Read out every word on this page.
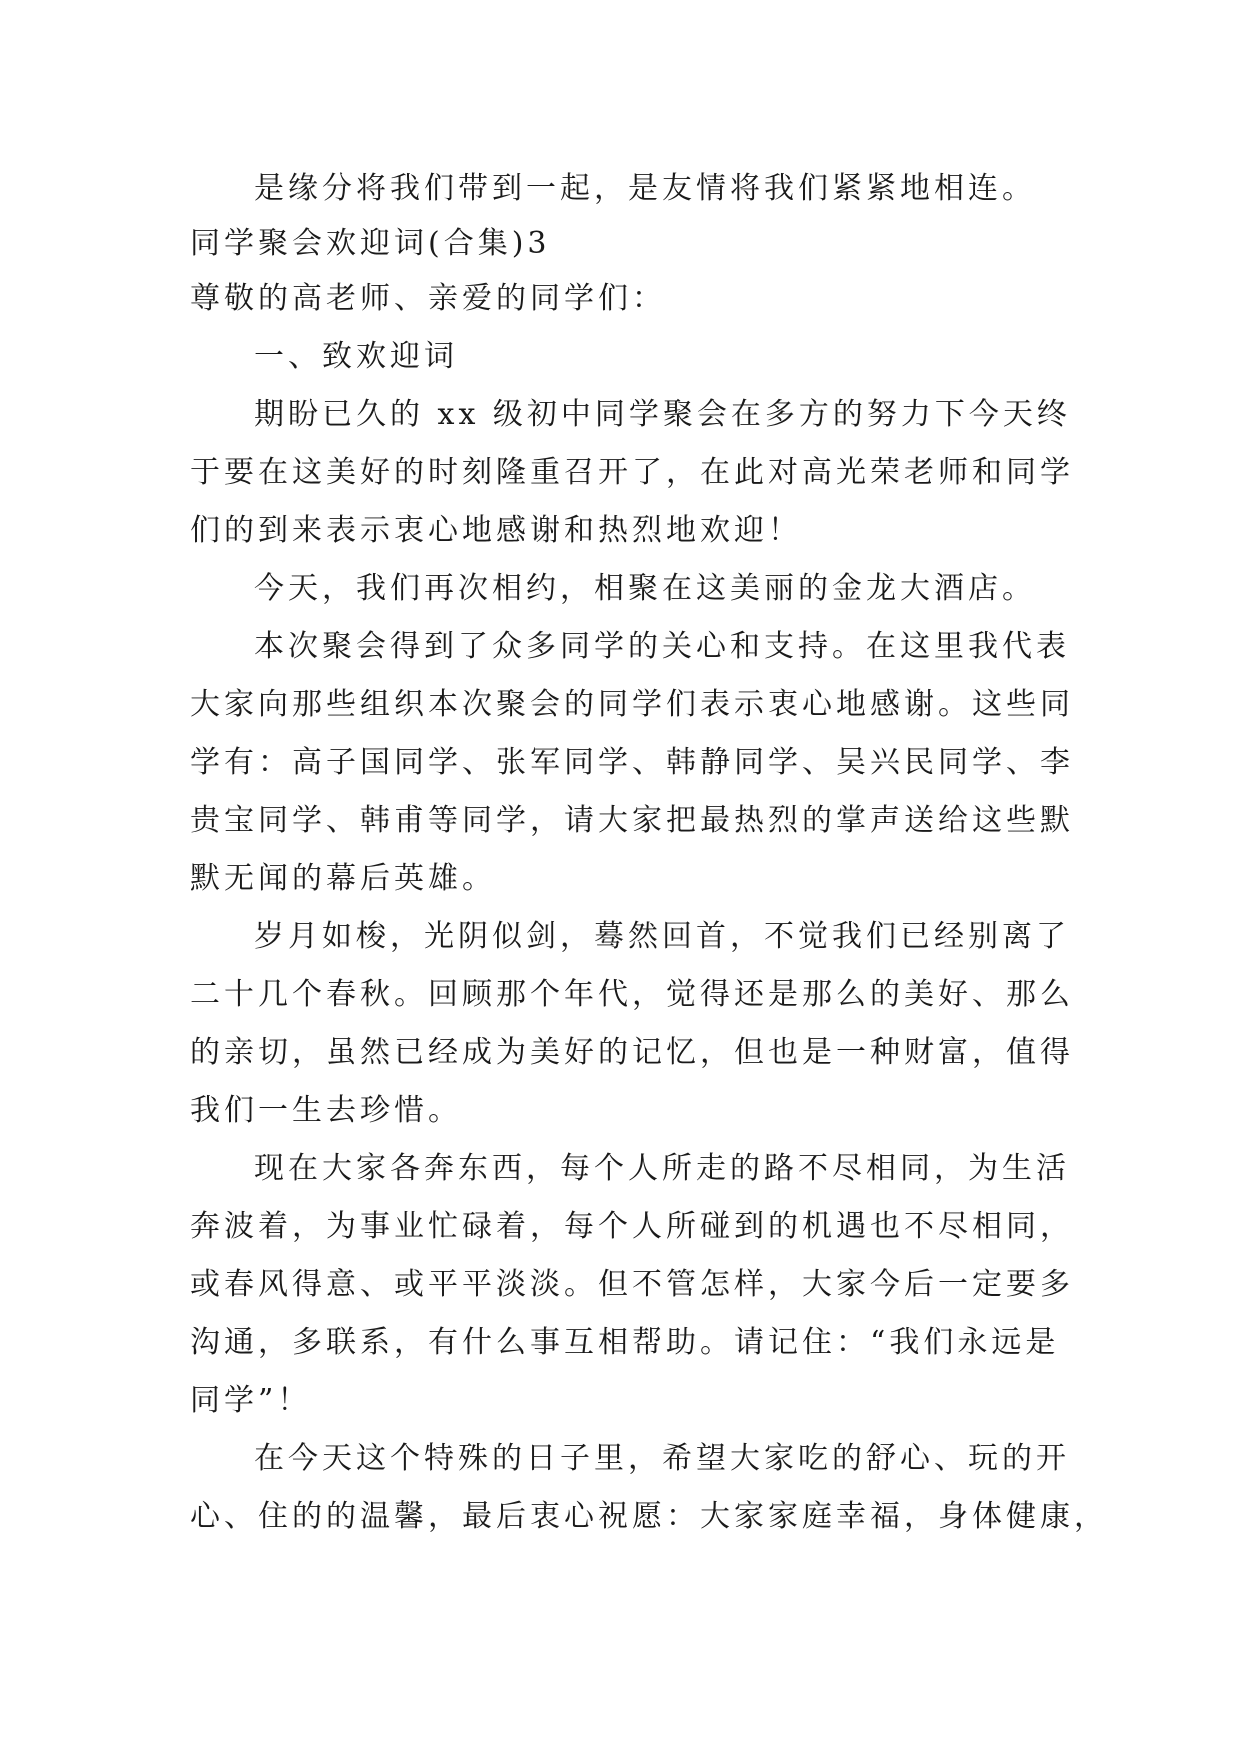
是缘分将我们带到一起，是友情将我们紧紧地相连。
同学聚会欢迎词(合集)3
尊敬的高老师、亲爱的同学们：
一、致欢迎词
期盼已久的 xx 级初中同学聚会在多方的努力下今天终
于要在这美好的时刻隆重召开了，在此对高光荣老师和同学
们的到来表示衷心地感谢和热烈地欢迎！
今天，我们再次相约，相聚在这美丽的金龙大酒店。
本次聚会得到了众多同学的关心和支持。在这里我代表
大家向那些组织本次聚会的同学们表示衷心地感谢。这些同
学有：高子国同学、张军同学、韩静同学、吴兴民同学、李
贵宝同学、韩甫等同学，请大家把最热烈的掌声送给这些默
默无闻的幕后英雄。
岁月如梭，光阴似剑，蓦然回首，不觉我们已经别离了
二十几个春秋。回顾那个年代，觉得还是那么的美好、那么
的亲切，虽然已经成为美好的记忆，但也是一种财富，值得
我们一生去珍惜。
现在大家各奔东西，每个人所走的路不尽相同，为生活
奔波着，为事业忙碌着，每个人所碰到的机遇也不尽相同，
或春风得意、或平平淡淡。但不管怎样，大家今后一定要多
沟通，多联系，有什么事互相帮助。请记住：“我们永远是
同学”！
在今天这个特殊的日子里，希望大家吃的舒心、玩的开
心、住的的温馨，最后衷心祝愿：大家家庭幸福，身体健康，
